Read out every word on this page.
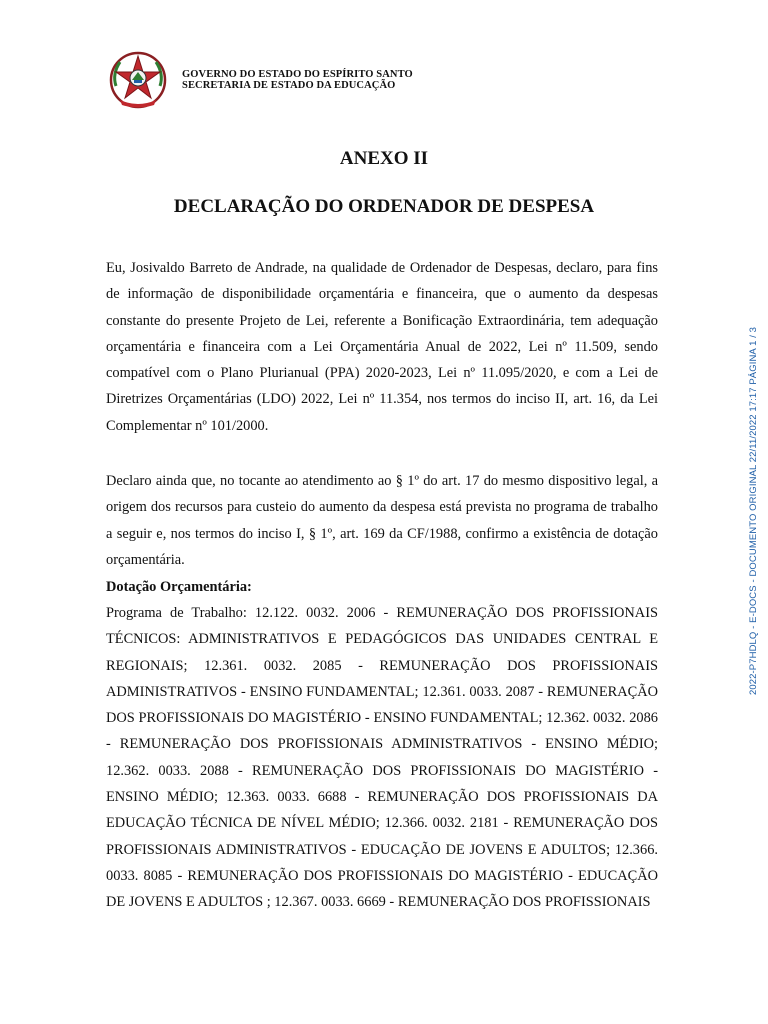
GOVERNO DO ESTADO DO ESPÍRITO SANTO
SECRETARIA DE ESTADO DA EDUCAÇÃO
ANEXO II
DECLARAÇÃO DO ORDENADOR DE DESPESA
Eu, Josivaldo Barreto de Andrade, na qualidade de Ordenador de Despesas, declaro, para fins de informação de disponibilidade orçamentária e financeira, que o aumento da despesas constante do presente Projeto de Lei, referente a Bonificação Extraordinária, tem adequação orçamentária e financeira com a Lei Orçamentária Anual de 2022, Lei nº 11.509, sendo compatível com o Plano Plurianual (PPA) 2020-2023, Lei nº 11.095/2020, e com a Lei de Diretrizes Orçamentárias (LDO) 2022, Lei nº 11.354, nos termos do inciso II, art. 16, da Lei Complementar nº 101/2000.
Declaro ainda que, no tocante ao atendimento ao § 1º do art. 17 do mesmo dispositivo legal, a origem dos recursos para custeio do aumento da despesa está prevista no programa de trabalho a seguir e, nos termos do inciso I, § 1º, art. 169 da CF/1988, confirmo a existência de dotação orçamentária.
Dotação Orçamentária:
Programa de Trabalho: 12.122. 0032. 2006 - REMUNERAÇÃO DOS PROFISSIONAIS TÉCNICOS: ADMINISTRATIVOS E PEDAGÓGICOS DAS UNIDADES CENTRAL E REGIONAIS; 12.361. 0032. 2085 - REMUNERAÇÃO DOS PROFISSIONAIS ADMINISTRATIVOS - ENSINO FUNDAMENTAL; 12.361. 0033. 2087 - REMUNERAÇÃO DOS PROFISSIONAIS DO MAGISTÉRIO - ENSINO FUNDAMENTAL; 12.362. 0032. 2086 - REMUNERAÇÃO DOS PROFISSIONAIS ADMINISTRATIVOS - ENSINO MÉDIO; 12.362. 0033. 2088 - REMUNERAÇÃO DOS PROFISSIONAIS DO MAGISTÉRIO - ENSINO MÉDIO; 12.363. 0033. 6688 - REMUNERAÇÃO DOS PROFISSIONAIS DA EDUCAÇÃO TÉCNICA DE NÍVEL MÉDIO; 12.366. 0032. 2181 - REMUNERAÇÃO DOS PROFISSIONAIS ADMINISTRATIVOS - EDUCAÇÃO DE JOVENS E ADULTOS; 12.366. 0033. 8085 - REMUNERAÇÃO DOS PROFISSIONAIS DO MAGISTÉRIO - EDUCAÇÃO DE JOVENS E ADULTOS ; 12.367. 0033. 6669 - REMUNERAÇÃO DOS PROFISSIONAIS
2022-P7HDLQ - E-DOCS - DOCUMENTO ORIGINAL 22/11/2022 17:17 PÁGINA 1 / 3
